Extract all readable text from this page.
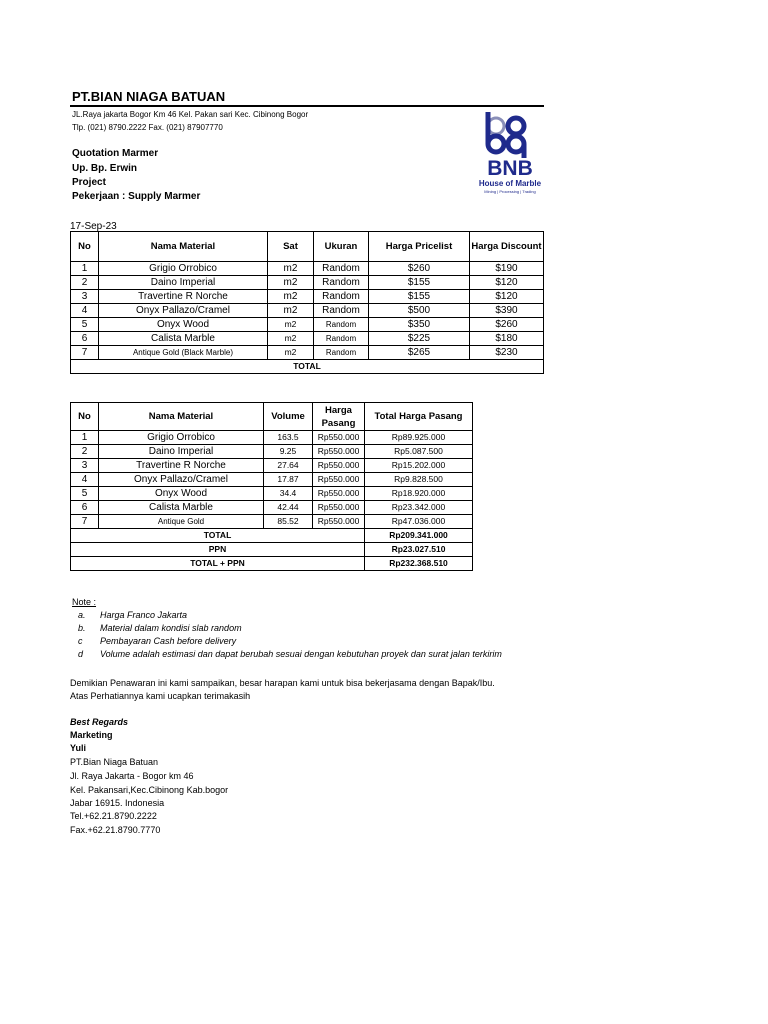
PT.BIAN NIAGA BATUAN
JL.Raya jakarta Bogor Km 46 Kel. Pakan sari Kec. Cibinong Bogor
Tlp. (021) 8790.2222 Fax. (021) 87907770
BNB
House of Marble
Mining | Processing | Trading
Quotation Marmer
Up. Bp. Erwin
Project
Pekerjaan : Supply Marmer
17-Sep-23
No	Nama Material	Sat	Ukuran	Harga Pricelist	Harga Discount
1	Grigio Orrobico	m2	Random	$260	$190
2	Daino Imperial	m2	Random	$155	$120
3	Travertine R Norche	m2	Random	$155	$120
4	Onyx Pallazo/Cramel	m2	Random	$500	$390
5	Onyx Wood	m2	Random	$350	$260
6	Calista Marble	m2	Random	$225	$180
7	Antique Gold (Black Marble)	m2	Random	$265	$230
TOTAL					
No	Nama Material	Volume	Harga Pasang	Total Harga Pasang
1	Grigio Orrobico	163.5	Rp550.000	Rp89.925.000
2	Daino Imperial	9.25	Rp550.000	Rp5.087.500
3	Travertine R Norche	27.64	Rp550.000	Rp15.202.000
4	Onyx Pallazo/Cramel	17.87	Rp550.000	Rp9.828.500
5	Onyx Wood	34.4	Rp550.000	Rp18.920.000
6	Calista Marble	42.44	Rp550.000	Rp23.342.000
7	Antique Gold	85.52	Rp550.000	Rp47.036.000
TOTAL				Rp209.341.000
PPN				Rp23.027.510
TOTAL + PPN				Rp232.368.510
Note :
a. Harga Franco Jakarta
b. Material dalam kondisi slab random
c Pembayaran Cash before delivery
d Volume adalah estimasi dan dapat berubah sesuai dengan kebutuhan proyek dan surat jalan terkirim
Demikian Penawaran ini kami sampaikan, besar harapan kami untuk bisa bekerjasama dengan Bapak/Ibu.
Atas Perhatiannya kami ucapkan terimakasih
Best Regards
Marketing
Yuli
PT.Bian Niaga Batuan
Jl. Raya Jakarta - Bogor km 46
Kel. Pakansari,Kec.Cibinong Kab.bogor
Jabar 16915. Indonesia
Tel.+62.21.8790.2222
Fax.+62.21.8790.7770
